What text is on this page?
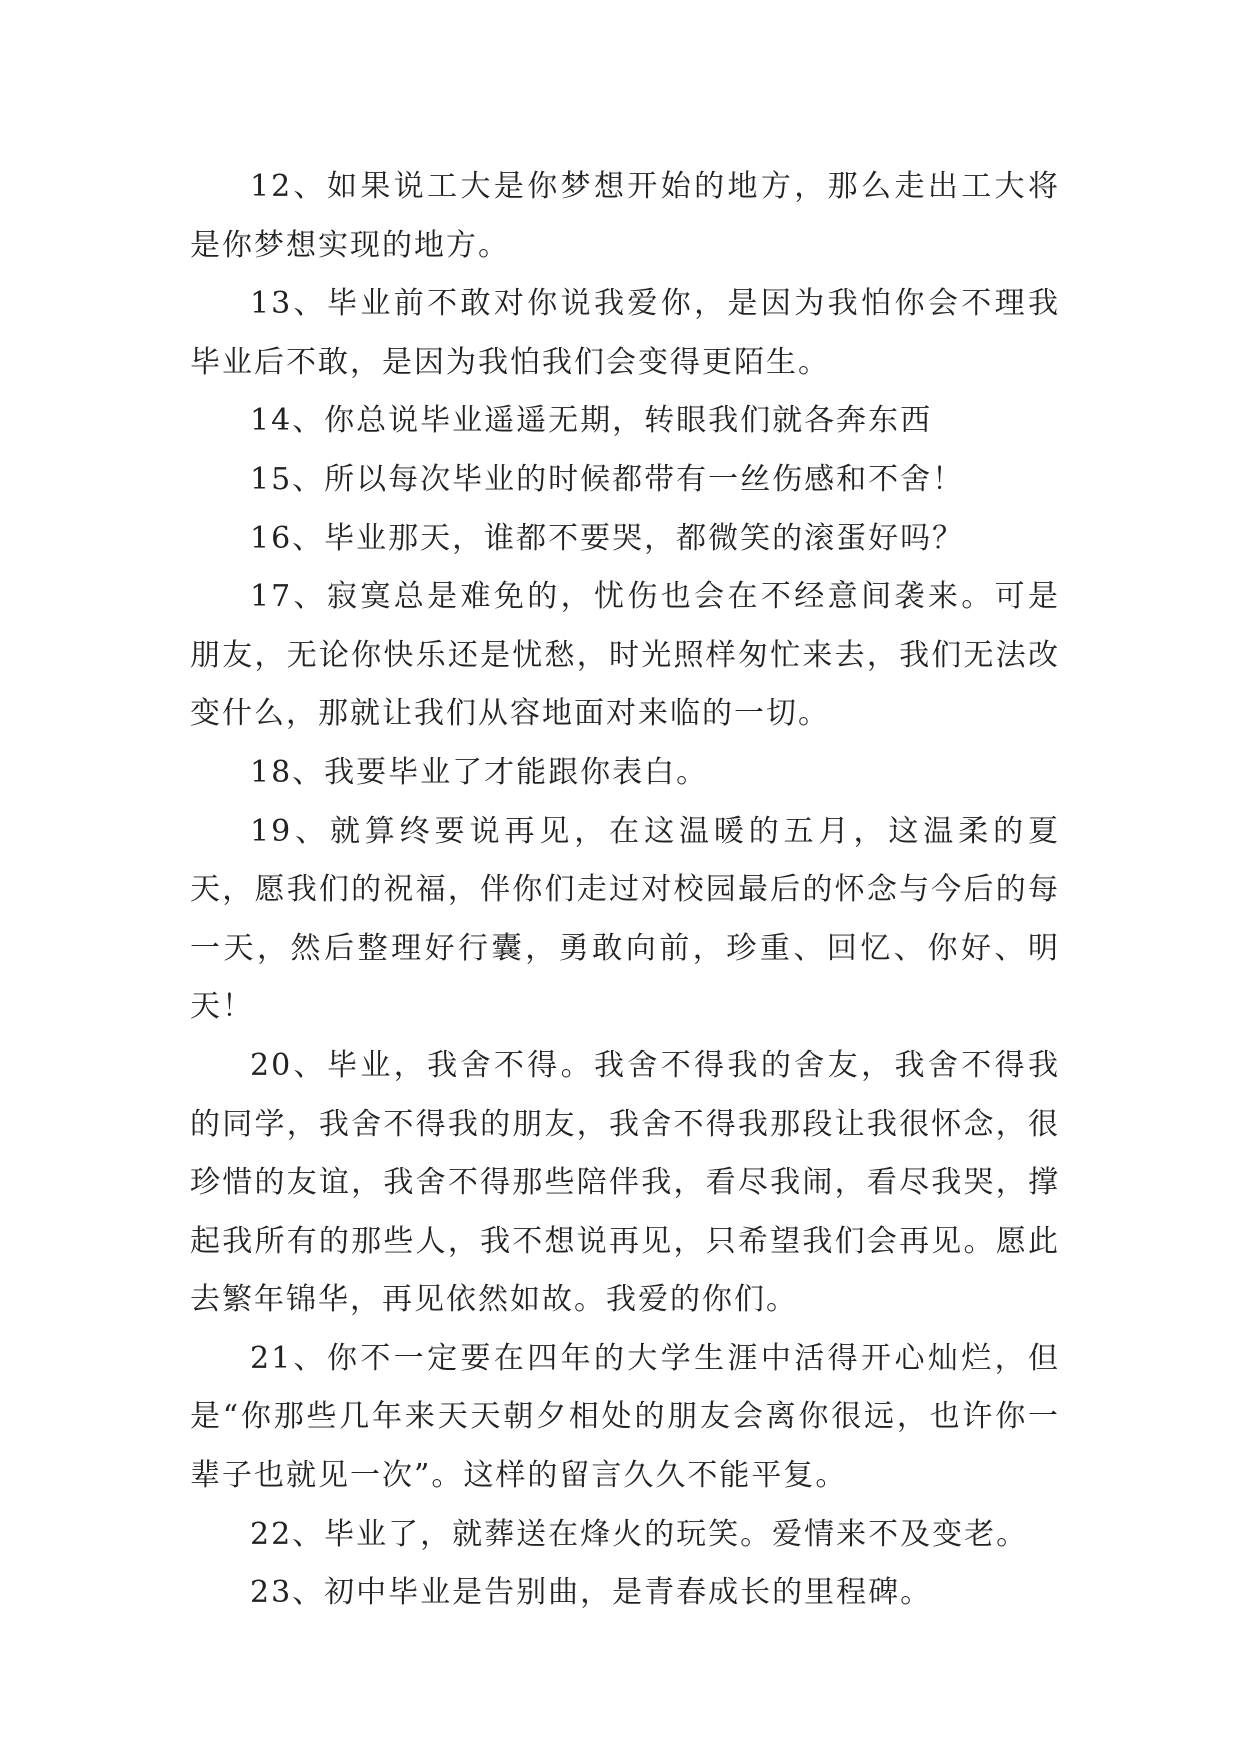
12、如果说工大是你梦想开始的地方，那么走出工大将是你梦想实现的地方。

13、毕业前不敢对你说我爱你，是因为我怕你会不理我毕业后不敢，是因为我怕我们会变得更陌生。

14、你总说毕业遥遥无期，转眼我们就各奔东西

15、所以每次毕业的时候都带有一丝伤感和不舍！

16、毕业那天，谁都不要哭，都微笑的滚蛋好吗？

17、寂寞总是难免的，忧伤也会在不经意间袭来。可是朋友，无论你快乐还是忧愁，时光照样匆忙来去，我们无法改变什么，那就让我们从容地面对来临的一切。

18、我要毕业了才能跟你表白。

19、就算终要说再见，在这温暖的五月，这温柔的夏天，愿我们的祝福，伴你们走过对校园最后的怀念与今后的每一天，然后整理好行囊，勇敢向前，珍重、回忆、你好、明天！

20、毕业，我舍不得。我舍不得我的舍友，我舍不得我的同学，我舍不得我的朋友，我舍不得我那段让我很怀念，很珍惜的友谊，我舍不得那些陪伴我，看尽我闹，看尽我哭，撑起我所有的那些人，我不想说再见，只希望我们会再见。愿此去繁年锦华，再见依然如故。我爱的你们。

21、你不一定要在四年的大学生涯中活得开心灿烂，但是“你那些几年来天天朝夕相处的朋友会离你很远，也许你一辈子也就见一次”。这样的留言久久不能平复。

22、毕业了，就葬送在烽火的玩笑。爱情来不及变老。

23、初中毕业是告别曲，是青春成长的里程碑。
